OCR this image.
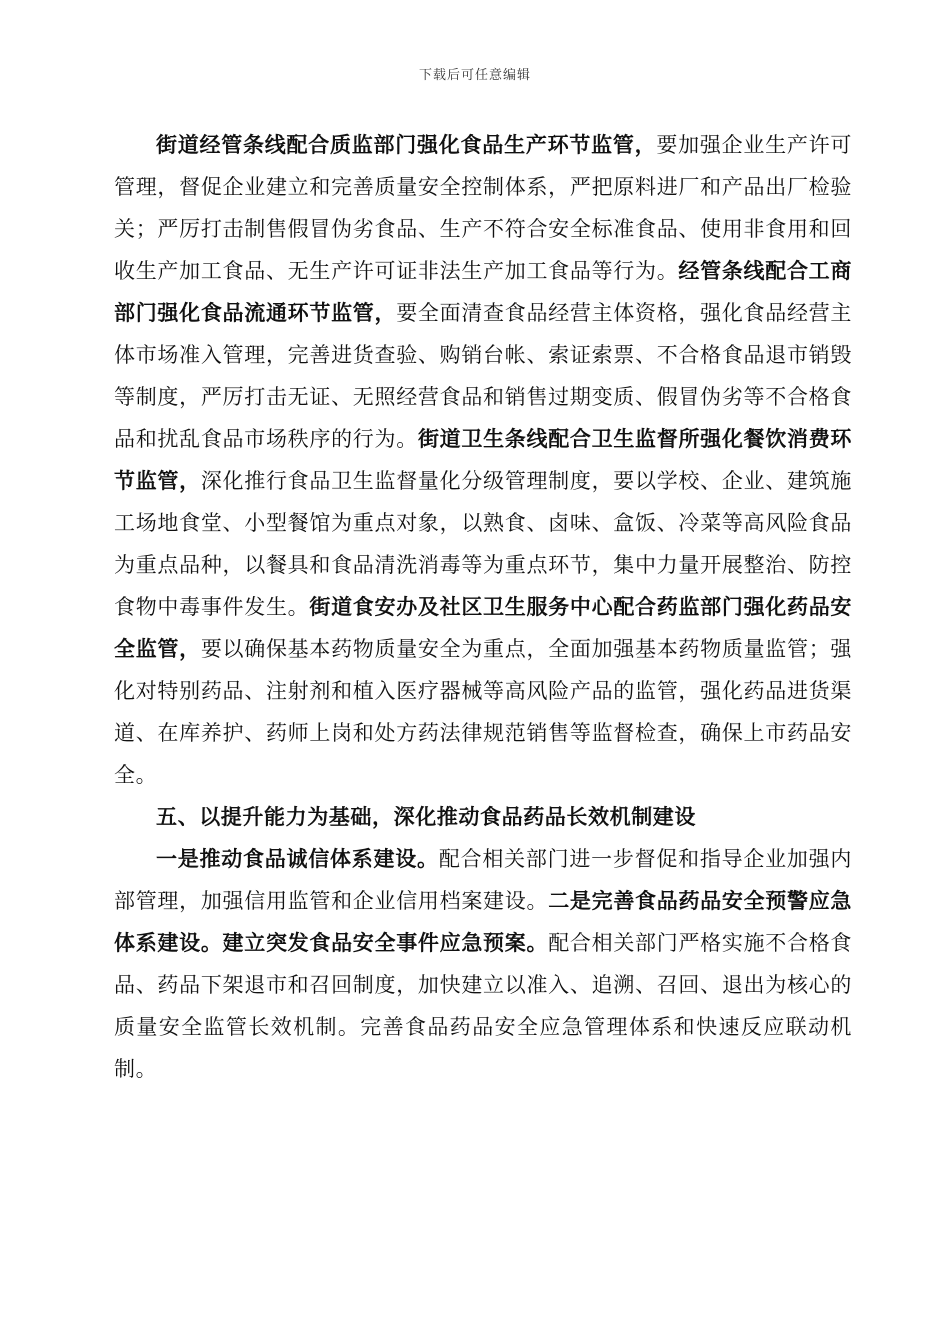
下载后可任意编辑

街道经管条线配合质监部门强化食品生产环节监管，要加强企业生产许可管理，督促企业建立和完善质量安全控制体系，严把原料进厂和产品出厂检验关；严厉打击制售假冒伪劣食品、生产不符合安全标准食品、使用非食用和回收生产加工食品、无生产许可证非法生产加工食品等行为。经管条线配合工商部门强化食品流通环节监管，要全面清查食品经营主体资格，强化食品经营主体市场准入管理，完善进货查验、购销台帐、索证索票、不合格食品退市销毁等制度，严厉打击无证、无照经营食品和销售过期变质、假冒伪劣等不合格食品和扰乱食品市场秩序的行为。街道卫生条线配合卫生监督所强化餐饮消费环节监管，深化推行食品卫生监督量化分级管理制度，要以学校、企业、建筑施工场地食堂、小型餐馆为重点对象，以熟食、卤味、盒饭、冷菜等高风险食品为重点品种，以餐具和食品清洗消毒等为重点环节，集中力量开展整治、防控食物中毒事件发生。街道食安办及社区卫生服务中心配合药监部门强化药品安全监管，要以确保基本药物质量安全为重点，全面加强基本药物质量监管；强化对特别药品、注射剂和植入医疗器械等高风险产品的监管，强化药品进货渠道、在库养护、药师上岗和处方药法律规范销售等监督检查，确保上市药品安全。

五、以提升能力为基础，深化推动食品药品长效机制建设

一是推动食品诚信体系建设。配合相关部门进一步督促和指导企业加强内部管理，加强信用监管和企业信用档案建设。二是完善食品药品安全预警应急体系建设。建立突发食品安全事件应急预案。配合相关部门严格实施不合格食品、药品下架退市和召回制度，加快建立以准入、追溯、召回、退出为核心的质量安全监管长效机制。完善食品药品安全应急管理体系和快速反应联动机制。
